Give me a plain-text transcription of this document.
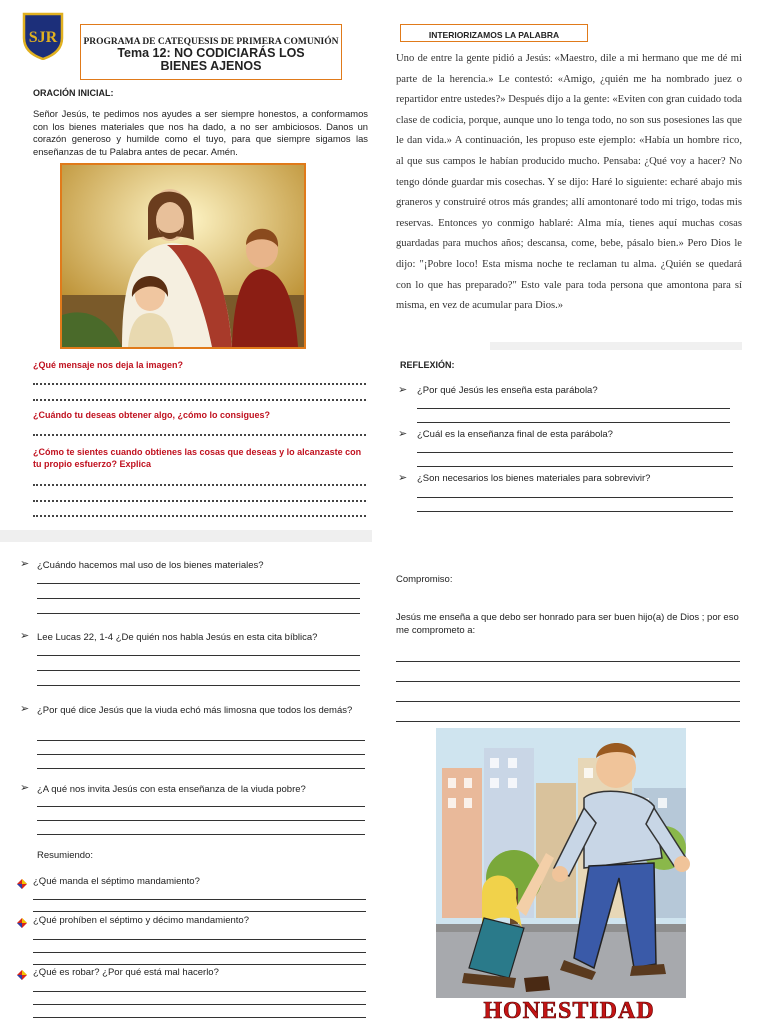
SJR	PROGRAMA DE CATEQUESIS DE PRIMERA COMUNIÓN
Tema 12: NO CODICIARÁS LOS BIENES AJENOS
ORACIÓN INICIAL:
Señor Jesús, te pedimos nos ayudes a ser siempre honestos, a conformamos con los bienes materiales que nos ha dado, a no ser ambiciosos. Danos un corazón generoso y humilde como el tuyo, para que siempre sigamos las enseñanzas de tu Palabra antes de pecar. Amén.
¿Qué mensaje nos deja la imagen?
¿Cuándo tu deseas obtener algo, ¿cómo lo consigues?
¿Cómo te sientes cuando obtienes las cosas que deseas y lo alcanzaste con tu propio esfuerzo? Explica
INTERIORIZAMOS LA PALABRA
Uno de entre la gente pidió a Jesús: «Maestro, dile a mi hermano que me dé mi parte de la herencia.» Le contestó: «Amigo, ¿quién me ha nombrado juez o repartidor entre ustedes?» Después dijo a la gente: «Eviten con gran cuidado toda clase de codicia, porque, aunque uno lo tenga todo, no son sus posesiones las que le dan vida.» A continuación, les propuso este ejemplo: «Había un hombre rico, al que sus campos le habían producido mucho. Pensaba: ¿Qué voy a hacer? No tengo dónde guardar mis cosechas. Y se dijo: Haré lo siguiente: echaré abajo mis graneros y construiré otros más grandes; allí amontonaré todo mi trigo, todas mis reservas. Entonces yo conmigo hablaré: Alma mía, tienes aquí muchas cosas guardadas para muchos años; descansa, come, bebe, pásalo bien.» Pero Dios le dijo: "¡Pobre loco! Esta misma noche te reclaman tu alma. ¿Quién se quedará con lo que has preparado?" Esto vale para toda persona que amontona para sí misma, en vez de acumular para Dios.»
REFLEXIÓN:
➢ ¿Por qué Jesús les enseña esta parábola?
➢ ¿Cuál es la enseñanza final de esta parábola?
➢ ¿Son necesarios los bienes materiales para sobrevivir?
➢ ¿Cuándo hacemos mal uso de los bienes materiales?
➢ Lee Lucas 22, 1-4 ¿De quién nos habla Jesús en esta cita bíblica?
➢ ¿Por qué dice Jesús que la viuda echó más limosna que todos los demás?
➢ ¿A qué nos invita Jesús con esta enseñanza de la viuda pobre?
Resumiendo:
¿Qué manda el séptimo mandamiento?
¿Qué prohíben el séptimo y décimo mandamiento?
¿Qué es robar? ¿Por qué está mal hacerlo?
Compromiso:
Jesús me enseña a que debo ser honrado para ser buen hijo(a) de Dios ; por eso me comprometo a:
HONESTIDAD
